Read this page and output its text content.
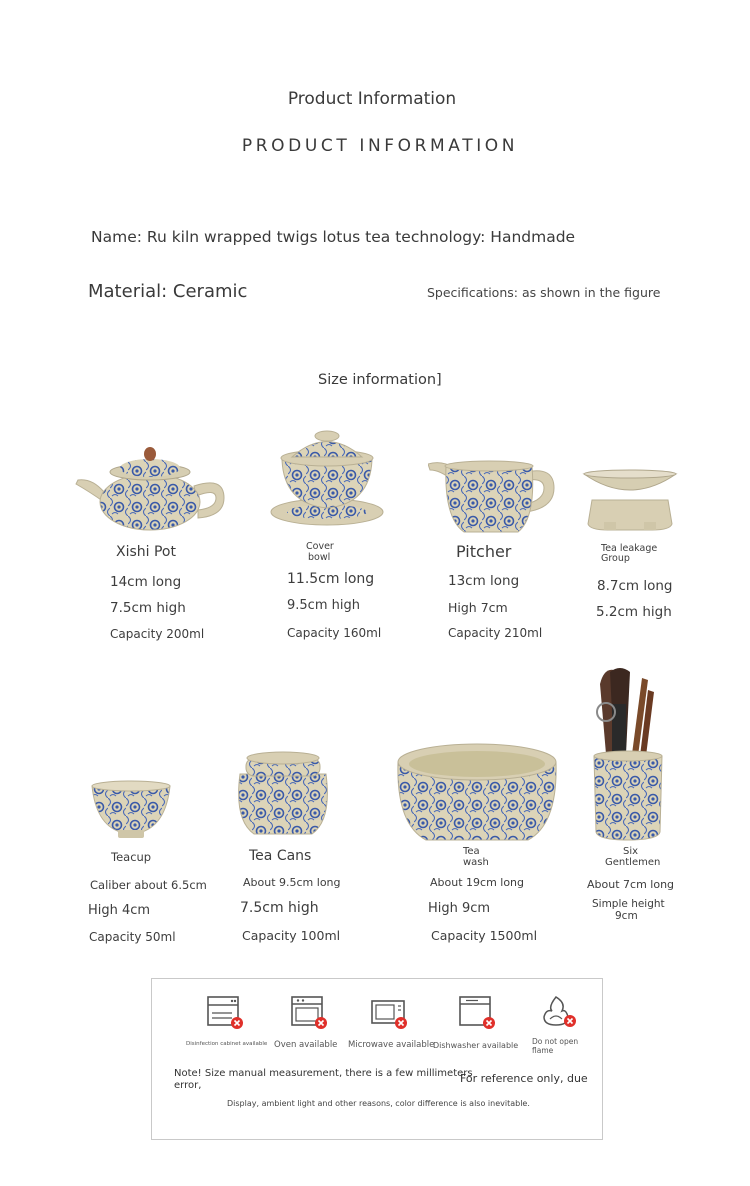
Product Information
PRODUCT INFORMATION
Name: Ru kiln wrapped twigs lotus tea technology: Handmade
Material: Ceramic	Specifications: as shown in the figure
Size information]
Xishi Pot
14cm long
7.5cm high
Capacity 200ml
Cover
bowl
11.5cm long
9.5cm high
Capacity 160ml
Pitcher
13cm long
High 7cm
Capacity 210ml
Tea leakage
Group
8.7cm long
5.2cm high
Teacup
Caliber about 6.5cm
High 4cm
Capacity 50ml
Tea Cans
About 9.5cm long
7.5cm high
Capacity 100ml
Tea
wash
About 19cm long
High 9cm
Capacity 1500ml
Six
Gentlemen
About 7cm long
Simple height
9cm
Disinfection cabinet available Oven available Microwave available
Dishwasher available Do not open
flame
Note! Size manual measurement, there is a few millimeters
error,
For reference only, due
Display, ambient light and other reasons, color difference is also inevitable.
